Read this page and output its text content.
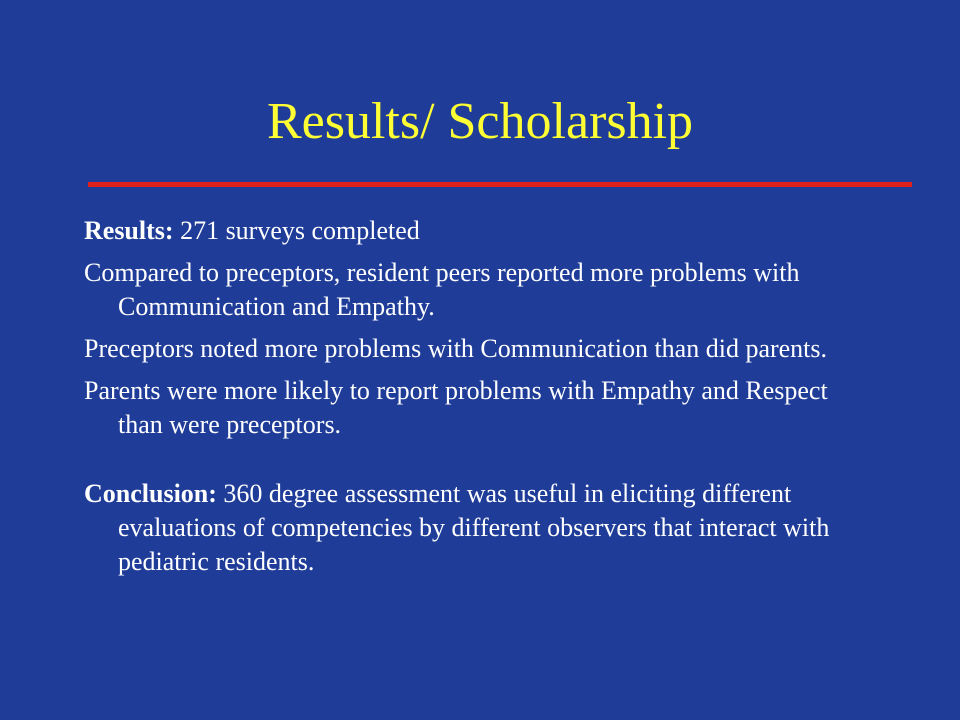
Results/ Scholarship

Results: 271 surveys completed

Compared to preceptors, resident peers reported more problems with Communication and Empathy.

Preceptors noted more problems with Communication than did parents.

Parents were more likely to report problems with Empathy and Respect than were preceptors.

Conclusion: 360 degree assessment was useful in eliciting different evaluations of competencies by different observers that interact with pediatric residents.
